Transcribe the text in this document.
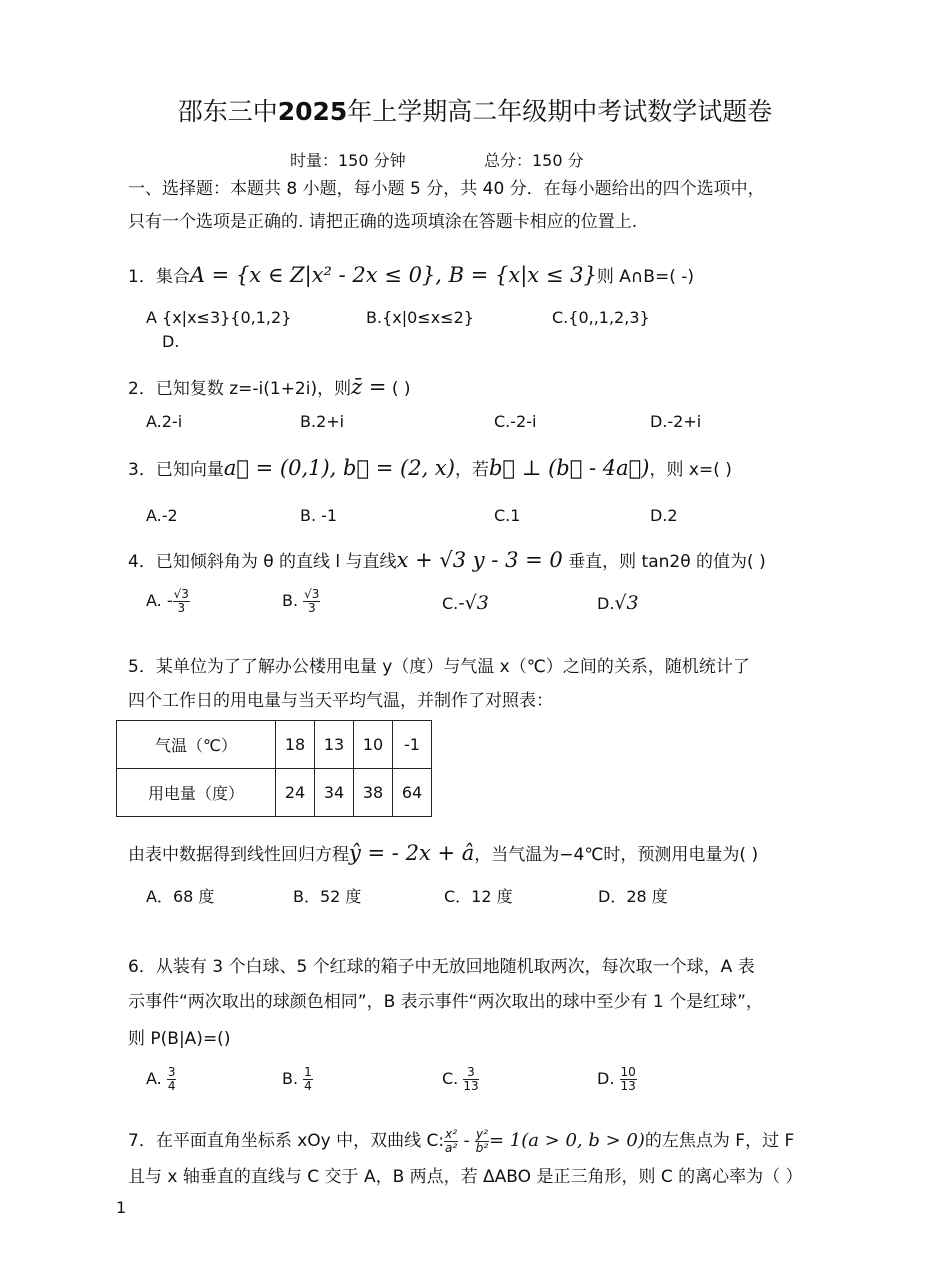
邵东三中2025年上学期高二年级期中考试数学试题卷
时量：150 分钟	总分：150 分
一、选择题：本题共 8 小题，每小题 5 分，共 40 分．在每小题给出的四个选项中，
只有一个选项是正确的. 请把正确的选项填涂在答题卡相应的位置上.
1．集合A = {x ∈ Z|x² - 2x ≤ 0}, B = {x|x ≤ 3}则 A∩B=( -)
A {x|x≤3}{0,1,2}	B.{x|0≤x≤2}	C.{0,,1,2,3}
D.
2．已知复数 z=-i(1+2i)，则z̄ = ( )
A.2-i	B.2+i	C.-2-i	D.-2+i
3．已知向量a⃗ = (0,1), b⃗ = (2, x)，若b⃗ ⊥ (b⃗ - 4a⃗)，则 x=( )
A.-2	B. -1	C.1	D.2
4．已知倾斜角为 θ 的直线 l 与直线x + √3 y - 3 = 0 垂直，则 tan2θ 的值为( )
A. - $\frac{√3}{3}$	B. $\frac{√3}{3}$	C.-√3	D.√3
5．某单位为了了解办公楼用电量 y（度）与气温 x（℃）之间的关系，随机统计了
四个工作日的用电量与当天平均气温，并制作了对照表：
气温（℃）	18	13	10	-1
用电量（度）	24	34	38	64
由表中数据得到线性回归方程ŷ = - 2x + â，当气温为−4℃时，预测用电量为( )
A．68 度	B．52 度	C．12 度	D．28 度
6．从装有 3 个白球、5 个红球的箱子中无放回地随机取两次，每次取一个球，A 表
示事件“两次取出的球颜色相同”，B 表示事件“两次取出的球中至少有 1 个是红球”，
则 P(B|A)=()
A. $\frac{3}{4}$	B. $\frac{1}{4}$	C. $\frac{3}{13}$	D. $\frac{10}{13}$
7．在平面直角坐标系 xOy 中，双曲线 C: $\frac{\text{x²}}{\text{a²}} - \frac{\text{y²}}{\text{b²}} = 1(a > 0$, b > 0)的左焦点为 F，过 F
且与 x 轴垂直的直线与 C 交于 A，B 两点，若 ΔABO 是正三角形，则 C 的离心率为（ ）
1
